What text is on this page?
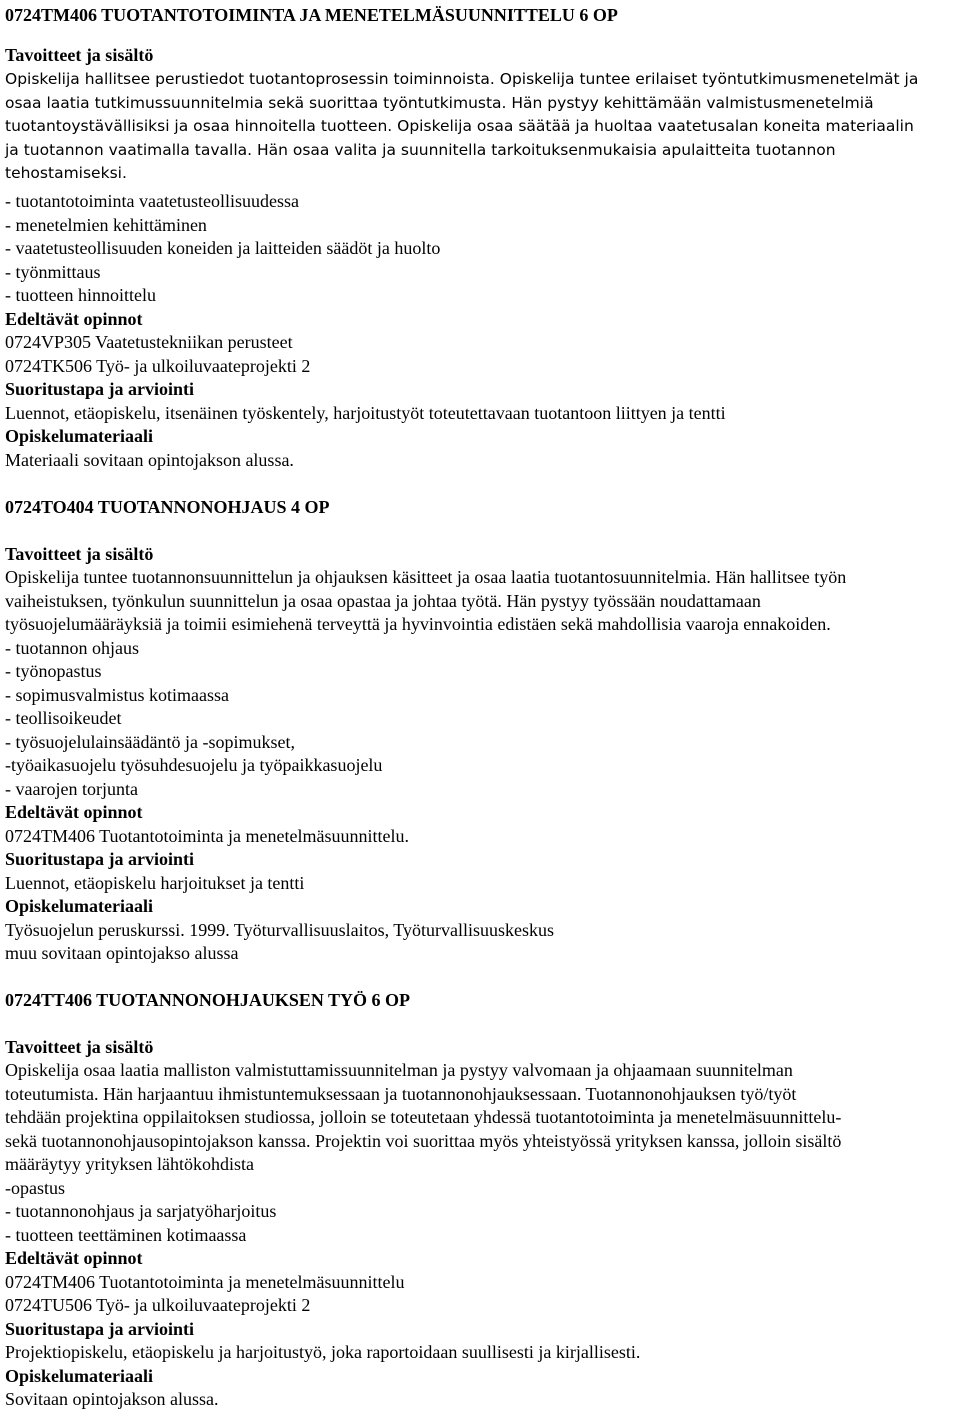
0724TM406 TUOTANTOTOIMINTA JA MENETELMÄSUUNNITTELU 6 OP
Tavoitteet ja sisältö
Opiskelija hallitsee perustiedot tuotantoprosessin toiminnoista. Opiskelija tuntee erilaiset työntutkimusmenetelmät ja
osaa laatia tutkimussuunnitelmia sekä suorittaa työntutkimusta. Hän pystyy kehittämään valmistusmenetelmiä
tuotantoystävällisiksi ja osaa hinnoitella tuotteen. Opiskelija osaa säätää ja huoltaa vaatetusalan koneita materiaalin
ja tuotannon vaatimalla tavalla. Hän osaa valita ja suunnitella tarkoituksenmukaisia apulaitteita tuotannon
tehostamiseksi.
- tuotantotoiminta vaatetusteollisuudessa
- menetelmien kehittäminen
- vaatetusteollisuuden koneiden ja laitteiden säädöt ja huolto
- työnmittaus
- tuotteen hinnoittelu
Edeltävät opinnot
0724VP305 Vaatetustekniikan perusteet
0724TK506 Työ- ja ulkoiluvaateprojekti 2
Suoritustapa ja arviointi
Luennot, etäopiskelu, itsenäinen työskentely, harjoitustyöt toteutettavaan tuotantoon liittyen ja tentti
Opiskelumateriaali
Materiaali sovitaan opintojakson alussa.
0724TO404 TUOTANNONOHJAUS 4 OP
Tavoitteet ja sisältö
Opiskelija tuntee tuotannonsuunnittelun ja ohjauksen käsitteet ja osaa laatia tuotantosuunnitelmia. Hän hallitsee työn
vaiheistuksen, työnkulun suunnittelun ja osaa opastaa ja johtaa työtä. Hän pystyy työssään noudattamaan
työsuojelumääräyksiä ja toimii esimiehenä terveyttä ja hyvinvointia edistäen sekä mahdollisia vaaroja ennakoiden.
- tuotannon ohjaus
- työnopastus
- sopimusvalmistus kotimaassa
- teollisoikeudet
- työsuojelulainsäädäntö ja -sopimukset,
-työaikasuojelu työsuhdesuojelu ja työpaikkasuojelu
- vaarojen torjunta
Edeltävät opinnot
0724TM406 Tuotantotoiminta ja menetelmäsuunnittelu.
Suoritustapa ja arviointi
Luennot, etäopiskelu harjoitukset ja tentti
Opiskelumateriaali
Työsuojelun peruskurssi. 1999. Työturvallisuuslaitos, Työturvallisuuskeskus
muu sovitaan opintojakso alussa
0724TT406 TUOTANNONOHJAUKSEN TYÖ 6 OP
Tavoitteet ja sisältö
Opiskelija osaa laatia malliston valmistuttamissuunnitelman ja pystyy valvomaan ja ohjaamaan suunnitelman
toteutumista. Hän harjaantuu ihmistuntemuksessaan ja tuotannonohjauksessaan. Tuotannonohjauksen työ/työt
tehdään projektina oppilaitoksen studiossa, jolloin se toteutetaan yhdessä tuotantotoiminta ja menetelmäsuunnittelu-
sekä tuotannonohjausopintojakson kanssa. Projektin voi suorittaa myös yhteistyössä yrityksen kanssa, jolloin sisältö
määräytyy yrityksen lähtökohdista
-opastus
- tuotannonohjaus ja sarjatyöharjoitus
- tuotteen teettäminen kotimaassa
Edeltävät opinnot
0724TM406 Tuotantotoiminta ja menetelmäsuunnittelu
0724TU506 Työ- ja ulkoiluvaateprojekti 2
Suoritustapa ja arviointi
Projektiopiskelu, etäopiskelu ja harjoitustyö, joka raportoidaan suullisesti ja kirjallisesti.
Opiskelumateriaali
Sovitaan opintojakson alussa.
